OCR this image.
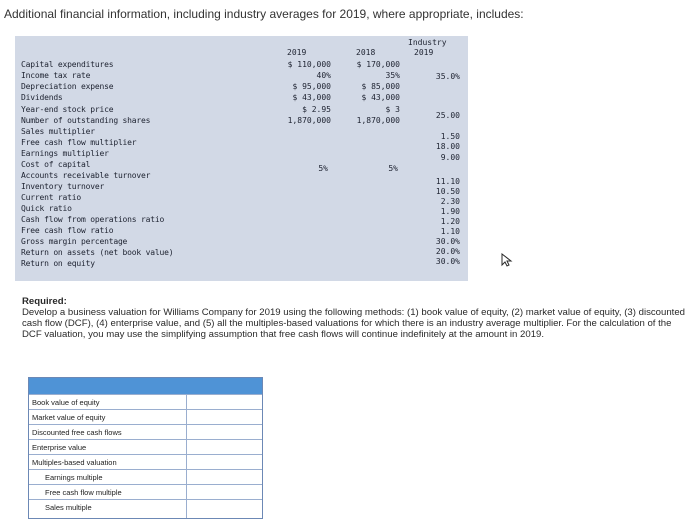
Additional financial information, including industry averages for 2019, where appropriate, includes:
Industry
2019
2019	2018
Capital expenditures
Income tax rate
Depreciation expense
Dividends
Year-end stock price
Number of outstanding shares
Sales multiplier
Free cash flow multiplier
Earnings multiplier
Cost of capital
Accounts receivable turnover
Inventory turnover
Current ratio
Quick ratio
Cash flow from operations ratio
Free cash flow ratio
Gross margin percentage
Return on assets (net book value)
Return on equity
$ 110,000
40%
$ 95,000
$ 43,000
$ 2.95
1,870,000
5%
$ 170,000
35%
$ 85,000
$ 43,000
$ 3
1,870,000
5%
35.0%
25.00
1.50
18.00
9.00
11.10
10.50
2.30
1.90
1.20
1.10
30.0%
20.0%
30.0%
Required:
Develop a business valuation for Williams Company for 2019 using the following methods: (1) book value of equity, (2) market value of equity, (3) discounted cash flow (DCF), (4) enterprise value, and (5) all the multiples-based valuations for which there is an industry average multiplier. For the calculation of the DCF valuation, you may use the simplifying assumption that free cash flows will continue indefinitely at the amount in 2019.
Book value of equity
Market value of equity
Discounted free cash flows
Enterprise value
Multiples-based valuation
Earnings multiple
Free cash flow multiple
Sales multiple
